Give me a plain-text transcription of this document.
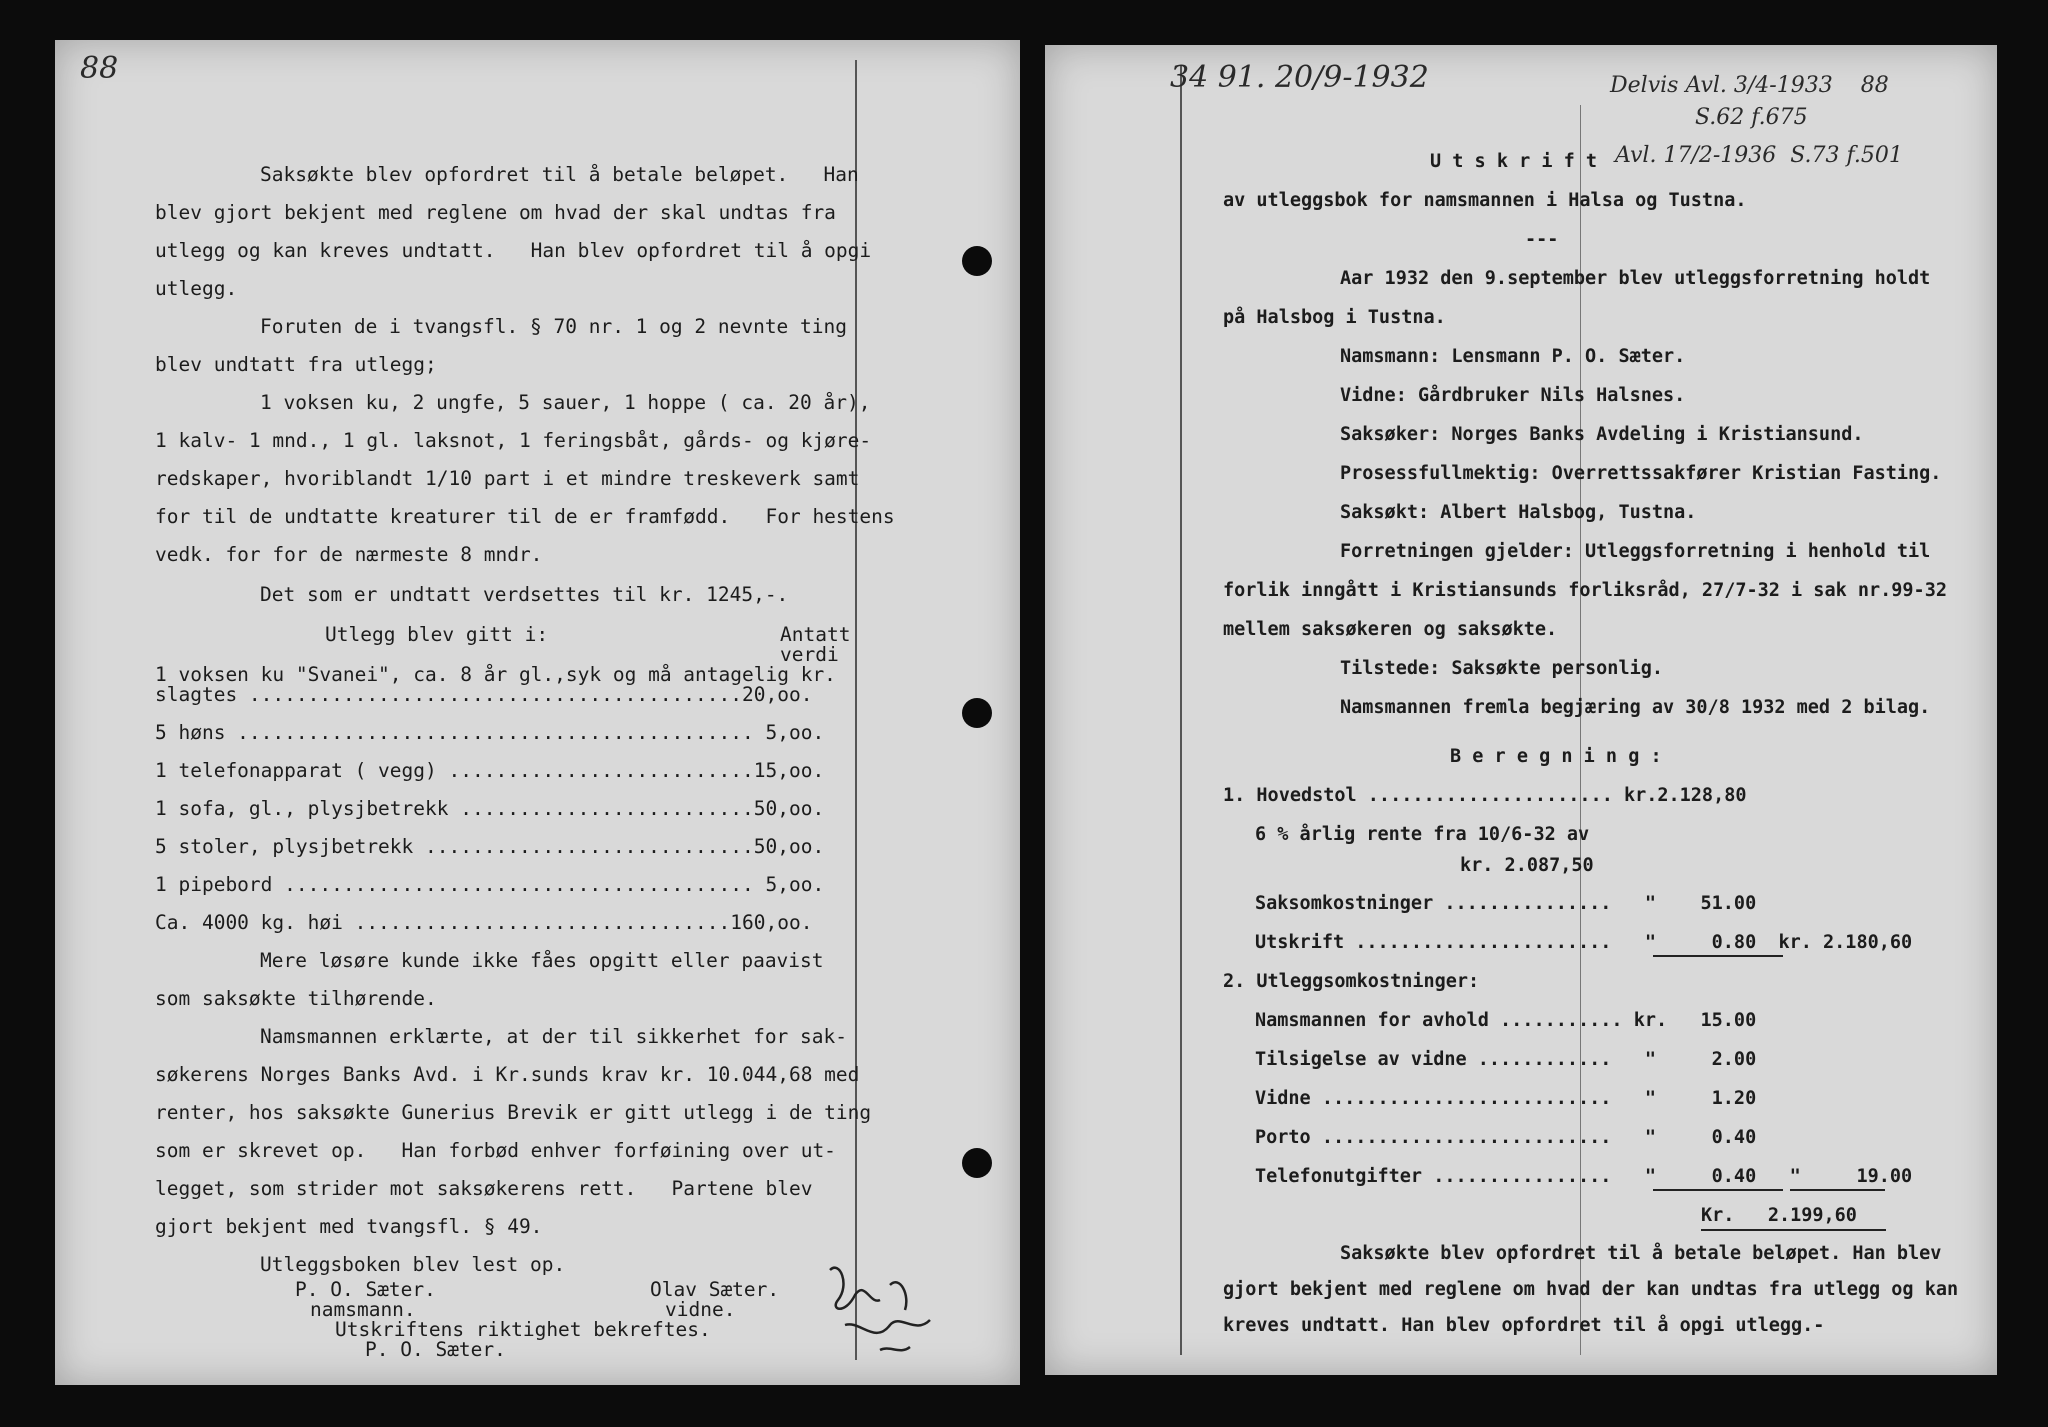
88
Saksøkte blev opfordret til å betale beløpet.   Han
blev gjort bekjent med reglene om hvad der skal undtas fra
utlegg og kan kreves undtatt.   Han blev opfordret til å opgi
utlegg.
Foruten de i tvangsfl. § 70 nr. 1 og 2 nevnte ting
blev undtatt fra utlegg;
1 voksen ku, 2 ungfe, 5 sauer, 1 hoppe ( ca. 20 år),
1 kalv- 1 mnd., 1 gl. laksnot, 1 feringsbåt, gårds- og kjøre-
redskaper, hvoriblandt 1/10 part i et mindre treskeverk samt
for til de undtatte kreaturer til de er framfødd.   For hestens
vedk. for for de nærmeste 8 mndr.
Det som er undtatt verdsettes til kr. 1245,-.
Utlegg blev gitt i:	Antatt
verdi
1 voksen ku "Svanei", ca. 8 år gl.,syk og må antagelig kr.
slagtes ..........................................20,oo.
5 høns ............................................ 5,oo.
1 telefonapparat ( vegg) ..........................15,oo.
1 sofa, gl., plysjbetrekk .........................50,oo.
5 stoler, plysjbetrekk ............................50,oo.
1 pipebord ........................................ 5,oo.
Ca. 4000 kg. høi ................................160,oo.
Mere løsøre kunde ikke fåes opgitt eller paavist
som saksøkte tilhørende.
Namsmannen erklærte, at der til sikkerhet for sak-
søkerens Norges Banks Avd. i Kr.sunds krav kr. 10.044,68 med
renter, hos saksøkte Gunerius Brevik er gitt utlegg i de ting
som er skrevet op.   Han forbød enhver forføining over ut-
legget, som strider mot saksøkerens rett.   Partene blev
gjort bekjent med tvangsfl. § 49.
Utleggsboken blev lest op.
P. O. Sæter.	Olav Sæter.
namsmann.	vidne.
Utskriftens riktighet bekreftes.
P. O. Sæter.
34 91. 20/9-1932	Delvis Avl. 3/4-1933    88
S.62 f.675
Avl. 17/2-1936  S.73 f.501
U t s k r i f t
av utleggsbok for namsmannen i Halsa og Tustna.
---
Aar 1932 den 9.september blev utleggsforretning holdt
på Halsbog i Tustna.
Namsmann: Lensmann P. O. Sæter.
Vidne: Gårdbruker Nils Halsnes.
Saksøker: Norges Banks Avdeling i Kristiansund.
Prosessfullmektig: Overrettssakfører Kristian Fasting.
Saksøkt: Albert Halsbog, Tustna.
Forretningen gjelder: Utleggsforretning i henhold til
forlik inngått i Kristiansunds forliksråd, 27/7-32 i sak nr.99-32
mellem saksøkeren og saksøkte.
Tilstede: Saksøkte personlig.
Namsmannen fremla begjæring av 30/8 1932 med 2 bilag.
B e r e g n i n g :
1. Hovedstol ...................... kr.2.128,80
6 % årlig rente fra 10/6-32 av
kr. 2.087,50
Saksomkostninger ...............   "    51.00
Utskrift .......................   "     0.80  kr. 2.180,60
2. Utleggsomkostninger:
Namsmannen for avhold ........... kr.   15.00
Tilsigelse av vidne ............   "     2.00
Vidne ..........................   "     1.20
Porto ..........................   "     0.40
Telefonutgifter ................   "     0.40   "     19.00
Kr.   2.199,60
Saksøkte blev opfordret til å betale beløpet. Han blev
gjort bekjent med reglene om hvad der kan undtas fra utlegg og kan
kreves undtatt. Han blev opfordret til å opgi utlegg.-
